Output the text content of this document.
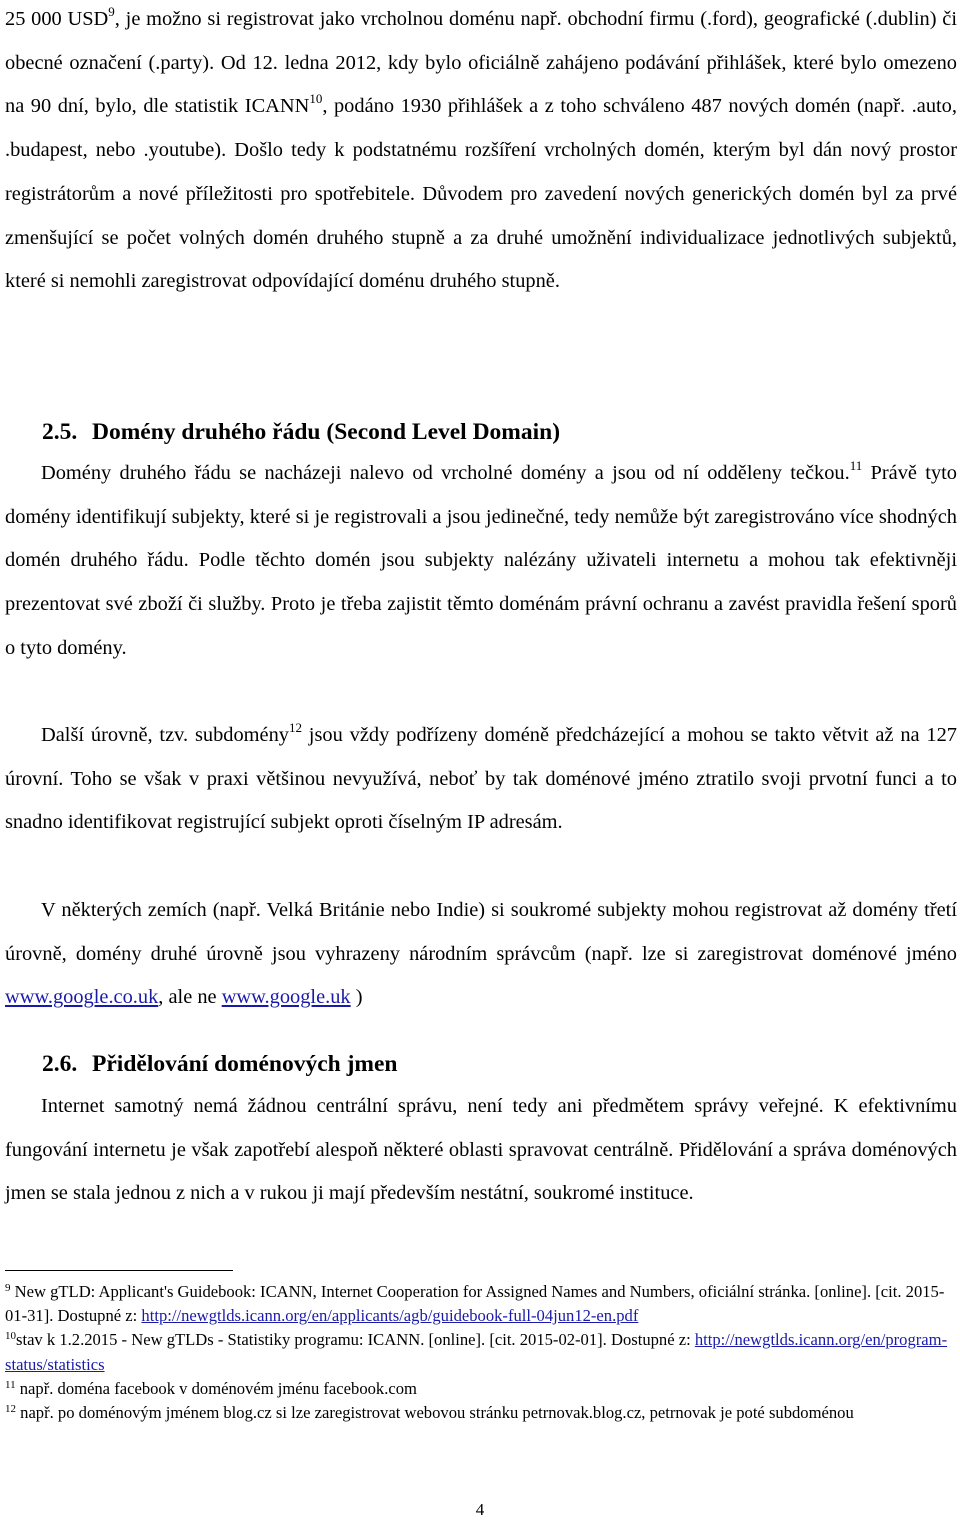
25 000 USD$^9$, je možno si registrovat jako vrcholnou doménu např. obchodní firmu (.ford), geografické (.dublin) či obecné označení (.party). Od 12. ledna 2012, kdy bylo oficiálně zahájeno podávání přihlášek, které bylo omezeno na 90 dní, bylo, dle statistik ICANN$^{10}$, podáno 1930 přihlášek a z toho schváleno 487 nových domén (např. .auto, .budapest, nebo .youtube). Došlo tedy k podstatnému rozšíření vrcholných domén, kterým byl dán nový prostor registrátorům a nové příležitosti pro spotřebitele. Důvodem pro zavedení nových generických domén byl za prvé zmenšující se počet volných domén druhého stupně a za druhé umožnění individualizace jednotlivých subjektů, které si nemohli zaregistrovat odpovídající doménu druhého stupně.

2.5. Domény druhého řádu (Second Level Domain)

Domény druhého řádu se nacházeji nalevo od vrcholné domény a jsou od ní odděleny tečkou.$^{11}$ Právě tyto domény identifikují subjekty, které si je registrovali a jsou jedinečné, tedy nemůže být zaregistrováno více shodných domén druhého řádu. Podle těchto domén jsou subjekty nalézány uživateli internetu a mohou tak efektivněji prezentovat své zboží či služby. Proto je třeba zajistit těmto doménám právní ochranu a zavést pravidla řešení sporů o tyto domény.

Další úrovně, tzv. subdomény$^{12}$ jsou vždy podřízeny doméně předcházející a mohou se takto větvit až na 127 úrovní. Toho se však v praxi většinou nevyužívá, neboť by tak doménové jméno ztratilo svoji prvotní funci a to snadno identifikovat registrující subjekt oproti číselným IP adresám.

V některých zemích (např. Velká Británie nebo Indie) si soukromé subjekty mohou registrovat až domény třetí úrovně, domény druhé úrovně jsou vyhrazeny národním správcům (např. lze si zaregistrovat doménové jméno www.google.co.uk, ale ne www.google.uk )

2.6. Přidělování doménových jmen

Internet samotný nemá žádnou centrální správu, není tedy ani předmětem správy veřejné. K efektivnímu fungování internetu je však zapotřebí alespoň některé oblasti spravovat centrálně. Přidělování a správa doménových jmen se stala jednou z nich a v rukou ji mají především nestátní, soukromé instituce.

$^9$ New gTLD: Applicant's Guidebook: ICANN, Internet Cooperation for Assigned Names and Numbers, oficiální stránka. [online]. [cit. 2015-01-31]. Dostupné z: http://newgtlds.icann.org/en/applicants/agb/guidebook-full-04jun12-en.pdf

$^{10}$stav k 1.2.2015 - New gTLDs - Statistiky programu: ICANN. [online]. [cit. 2015-02-01]. Dostupné z: http://newgtlds.icann.org/en/program-status/statistics

$^{11}$ např. doména facebook v doménovém jménu facebook.com

$^{12}$ např. po doménovým jménem blog.cz si lze zaregistrovat webovou stránku petrnovak.blog.cz, petrnovak je poté subdoménou

4
